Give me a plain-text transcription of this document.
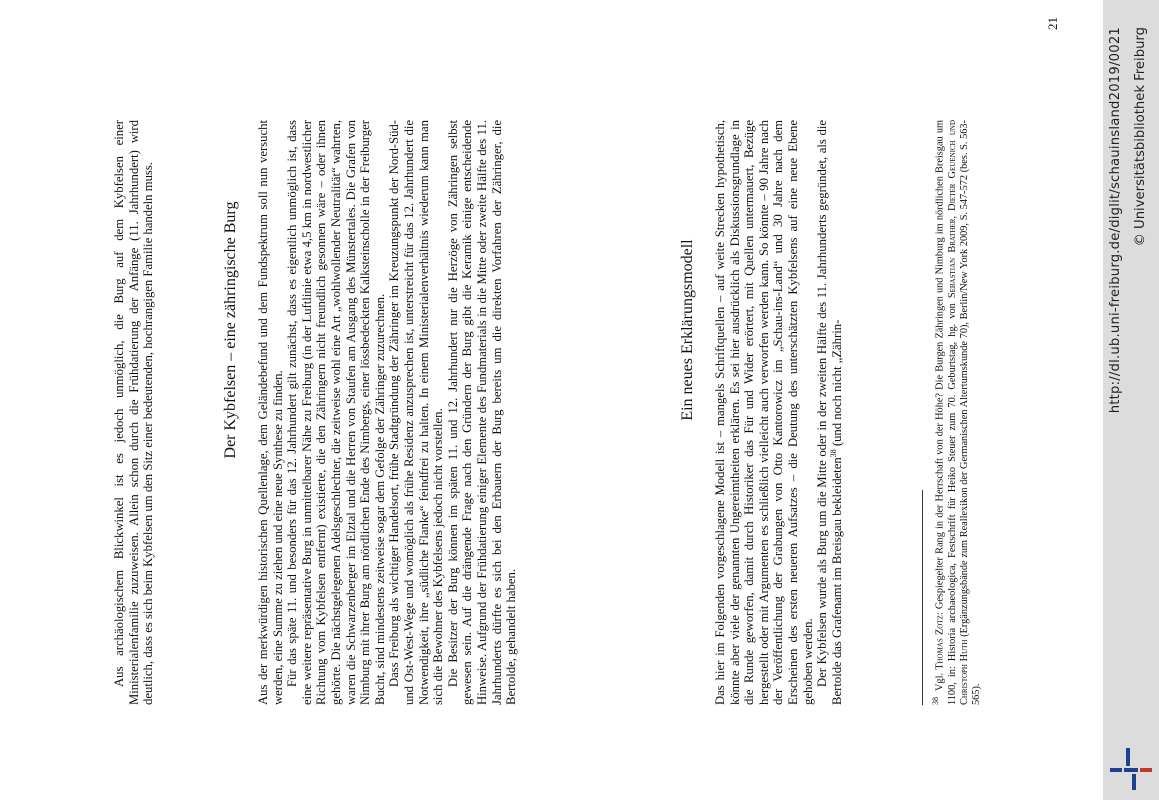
Aus archäologischem Blickwinkel ist es jedoch unmöglich, die Burg auf dem Kybfelsen einer Ministerialenfamilie zuzuweisen. Allein schon durch die Frühdatierung der Anfänge (11. Jahrhundert) wird deutlich, dass es sich beim Kybfelsen um den Sitz einer bedeutenden, hochrangigen Familie handeln muss.	Der Kybfelsen – eine zähringische Burg Aus der merkwürdigen historischen Quellenlage, dem Geländebefund und dem Fundspektrum soll nun versucht werden, eine Summe zu ziehen und eine neue Synthese zu finden. Für das späte 11. und besonders für das 12. Jahrhundert gilt zunächst, dass es eigentlich unmöglich ist, dass eine weitere repräsentative Burg in unmittelbarer Nähe zu Freiburg (in der Luftlinie etwa 4,5 km in nordwestlicher Richtung vom Kybfelsen entfernt) existierte, die den Zähringern nicht freundlich gesonnen wäre – oder ihnen gehörte. Die nächstgelegenen Adelsgeschlechter, die zeitweise wohl eine Art „wohlwollender Neutralität“ wahrten, waren die Schwarzenberger im Elztal und die Herren von Staufen am Ausgang des Münstertales. Die Grafen von Nimburg mit ihrer Burg am nördlichen Ende des Nimbergs, einer lössbedeckten Kalksteinscholle in der Freiburger Bucht, sind mindestens zeitweise sogar dem Gefolge der Zähringer zuzurechnen. Dass Freiburg als wichtiger Handelsort, frühe Stadtgründung der Zähringer im Kreuzungspunkt der Nord-Süd- und Ost-West-Wege und womöglich als frühe Residenz anzusprechen ist, unterstreicht für das 12. Jahrhundert die Notwendigkeit, ihre „südliche Flanke“ feindfrei zu halten. In einem Ministerialenverhältnis wiederum kann man sich die Bewohner des Kybfelsens jedoch nicht vorstellen. Die Besitzer der Burg können im späten 11. und 12. Jahrhundert nur die Herzöge von Zähringen selbst gewesen sein. Auf die drängende Frage nach den Gründern der Burg gibt die Keramik einige entscheidende Hinweise. Aufgrund der Frühdatierung einiger Elemente des Fundmaterials in die Mitte oder zweite Hälfte des 11. Jahrhunderts dürfte es sich bei den Erbauern der Burg bereits um die direkten Vorfahren der Zähringer, die Bertolde, gehandelt haben.

Ein neues Erklärungsmodell Das hier im Folgenden vorgeschlagene Modell ist – mangels Schriftquellen – auf weite Strecken hypothetisch, könnte aber viele der genannten Ungereimtheiten erklären. Es sei hier ausdrücklich als Diskussionsgrundlage in die Runde geworfen, damit durch Historiker das Für und Wider erörtert, mit Quellen untermauert, Bezüge hergestellt oder mit Argumenten es schließlich vielleicht auch verworfen werden kann. So könnte – 90 Jahre nach der Veröffentlichung der Grabungen von Otto Kantorowicz im „Schau-ins-Land“ und 30 Jahre nach dem Erscheinen des ersten neueren Aufsatzes – die Deutung des unterschätzten Kybfelsens auf eine neue Ebene gehoben werden. Der Kybfelsen wurde als Burg um die Mitte oder in der zweiten Hälfte des 11. Jahrhunderts gegründet, als die Bertolde das Grafenamt im Breisgau bekleideten$^{38}$ (und noch nicht „Zährin-

$^{38}$Vgl. Thomas Zotz: Gespiegelter Rang in der Herrschaft von der Höhe? Die Burgen Zähringen und Nimburg im nördlichen Breisgau um 1100, in: Historia archaeologica, Festschrift für Heiko Steuer zum 70. Geburtstag, hg. von Sebastian Brather, Dieter Geuenich und Christoph Huth (Ergänzungsbände zum Reallexikon der Germanischen Altertumskunde 70), Berlin/New York 2009, S. 547-572 (bes. S. 563-565).
21
http://dl.ub.uni-freiburg.de/diglit/schauinsland2019/0021 © Universitätsbibliothek Freiburg
